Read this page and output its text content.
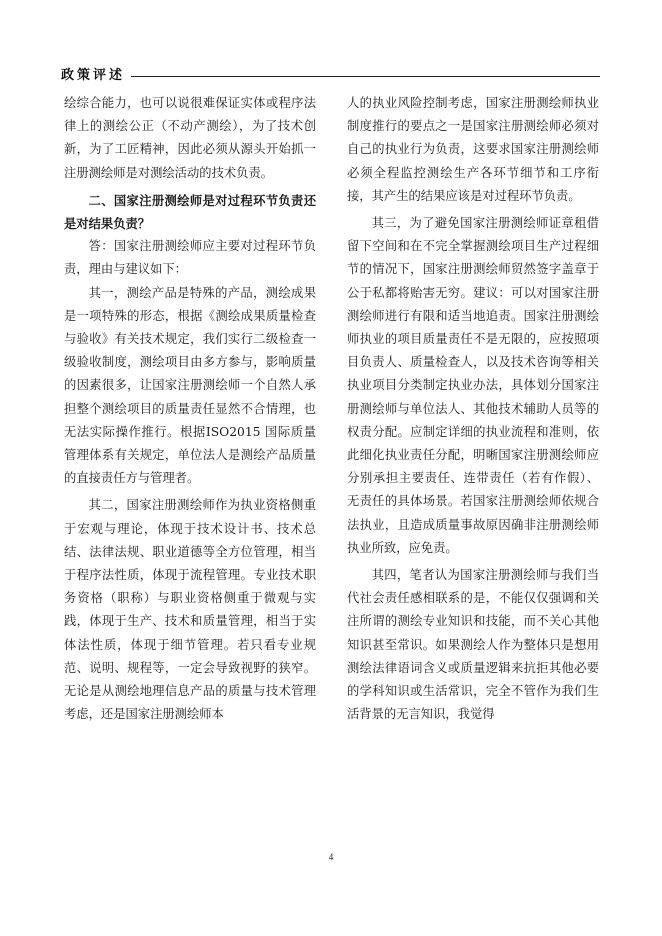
政策评述

绘综合能力，也可以说很难保证实体或程序法律上的测绘公正（不动产测绘），为了技术创新，为了工匠精神，因此必须从源头开始抓一注册测绘师是对测绘活动的技术负责。

二、国家注册测绘师是对过程环节负责还是对结果负责？

答：国家注册测绘师应主要对过程环节负责，理由与建议如下：

其一，测绘产品是特殊的产品，测绘成果是一项特殊的形态，根据《测绘成果质量检查与验收》有关技术规定，我们实行二级检查一级验收制度，测绘项目由多方参与，影响质量的因素很多，让国家注册测绘师一个自然人承担整个测绘项目的质量责任显然不合情理，也无法实际操作推行。根据ISO2015 国际质量管理体系有关规定，单位法人是测绘产品质量的直接责任方与管理者。

其二，国家注册测绘师作为执业资格侧重于宏观与理论，体现于技术设计书、技术总结、法律法规、职业道德等全方位管理，相当于程序法性质，体现于流程管理。专业技术职务资格（职称）与职业资格侧重于微观与实践，体现于生产、技术和质量管理，相当于实体法性质，体现于细节管理。若只看专业规范、说明、规程等，一定会导致视野的狭窄。无论是从测绘地理信息产品的质量与技术管理考虑，还是国家注册测绘师本

人的执业风险控制考虑，国家注册测绘师执业制度推行的要点之一是国家注册测绘师必须对自己的执业行为负责，这要求国家注册测绘师必须全程监控测绘生产各环节细节和工序衔接，其产生的结果应该是对过程环节负责。

其三，为了避免国家注册测绘师证章租借留下空间和在不完全掌握测绘项目生产过程细节的情况下，国家注册测绘师贸然签字盖章于公于私都将贻害无穷。建议：可以对国家注册测绘师进行有限和适当地追责。国家注册测绘师执业的项目质量责任不是无限的，应按照项目负责人、质量检查人，以及技术咨询等相关执业项目分类制定执业办法，具体划分国家注册测绘师与单位法人、其他技术辅助人员等的权责分配。应制定详细的执业流程和准则，依此细化执业责任分配，明晰国家注册测绘师应分别承担主要责任、连带责任（若有作假）、无责任的具体场景。若国家注册测绘师依规合法执业，且造成质量事故原因确非注册测绘师执业所致，应免责。

其四，笔者认为国家注册测绘师与我们当代社会责任感相联系的是，不能仅仅强调和关注所谓的测绘专业知识和技能，而不关心其他知识甚至常识。如果测绘人作为整体只是想用测绘法律语词含义或质量逻辑来抗拒其他必要的学科知识或生活常识，完全不管作为我们生活背景的无言知识，我觉得

4
